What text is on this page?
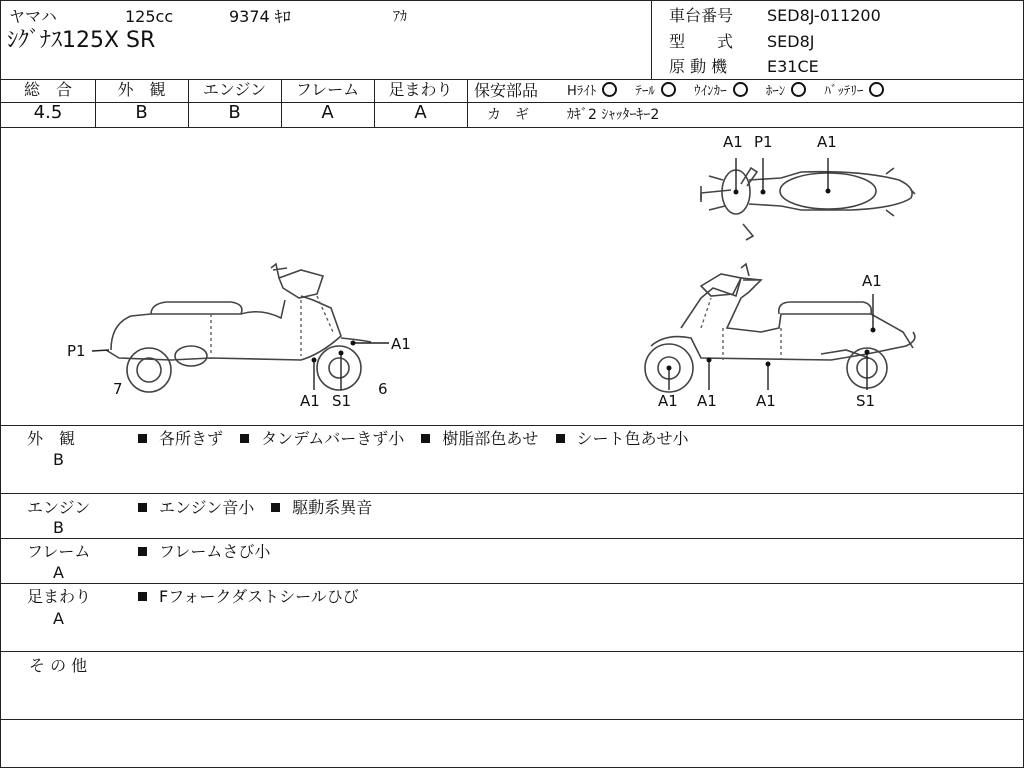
ヤマハ	125cc	9374 ｷﾛ	ｱｶ
ｼｸﾞﾅｽ125X SR
車台番号 SED8J-011200
型　　式 SED8J
原 動 機 E31CE
総　合
4.5
外　観
B
エンジン
B
フレーム
A
足まわり
A
保安部品 Hﾗｲﾄ	ﾃｰﾙ	ｳｲﾝｶｰ	ﾎｰﾝ	ﾊﾞｯﾃﾘｰ
カ　ギ	ｶｷﾞ2 ｼｬｯﾀｰｷｰ2
A1 P1	A1
P1	A1
7
A1 S1
6
A1
A1 A1	A1	S1
外　観
B
各所きず タンデムバーきず小 樹脂部色あせ シート色あせ小
エンジン
B
エンジン音小 駆動系異音
フレーム
A
フレームさび小
足まわり
A
Fフォークダストシールひび
そ の 他
